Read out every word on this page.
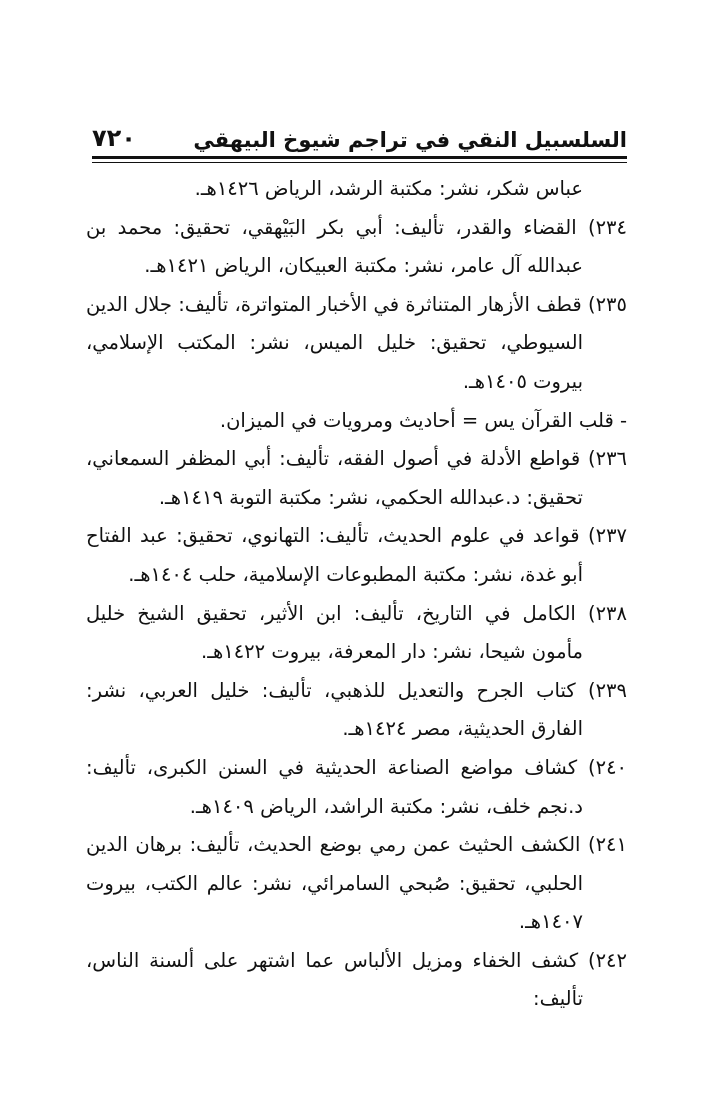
السلسبيل النقي في تراجم شيوخ البيهقي
٧٢٠

عباس شكر، نشر: مكتبة الرشد، الرياض ١٤٢٦هـ.

٢٣٤) القضاء والقدر، تأليف: أبي بكر البَيْهقي، تحقيق: محمد بن عبدالله آل عامر، نشر: مكتبة العبيكان، الرياض ١٤٢١هـ.

٢٣٥) قطف الأزهار المتناثرة في الأخبار المتواترة، تأليف: جلال الدين السيوطي، تحقيق: خليل الميس، نشر: المكتب الإسلامي، بيروت ١٤٠٥هـ.

- قلب القرآن يس = أحاديث ومرويات في الميزان.

٢٣٦) قواطع الأدلة في أصول الفقه، تأليف: أبي المظفر السمعاني، تحقيق: د.عبدالله الحكمي، نشر: مكتبة التوبة ١٤١٩هـ.

٢٣٧) قواعد في علوم الحديث، تأليف: التهانوي، تحقيق: عبد الفتاح أبو غدة، نشر: مكتبة المطبوعات الإسلامية، حلب ١٤٠٤هـ.

٢٣٨) الكامل في التاريخ، تأليف: ابن الأثير، تحقيق الشيخ خليل مأمون شيحا، نشر: دار المعرفة، بيروت ١٤٢٢هـ.

٢٣٩) كتاب الجرح والتعديل للذهبي، تأليف: خليل العربي، نشر: الفارق الحديثية، مصر ١٤٢٤هـ.

٢٤٠) كشاف مواضع الصناعة الحديثية في السنن الكبرى، تأليف: د.نجم خلف، نشر: مكتبة الراشد، الرياض ١٤٠٩هـ.

٢٤١) الكشف الحثيث عمن رمي بوضع الحديث، تأليف: برهان الدين الحلبي، تحقيق: صُبحي السامرائي، نشر: عالم الكتب، بيروت ١٤٠٧هـ.

٢٤٢) كشف الخفاء ومزيل الألباس عما اشتهر على ألسنة الناس، تأليف:
